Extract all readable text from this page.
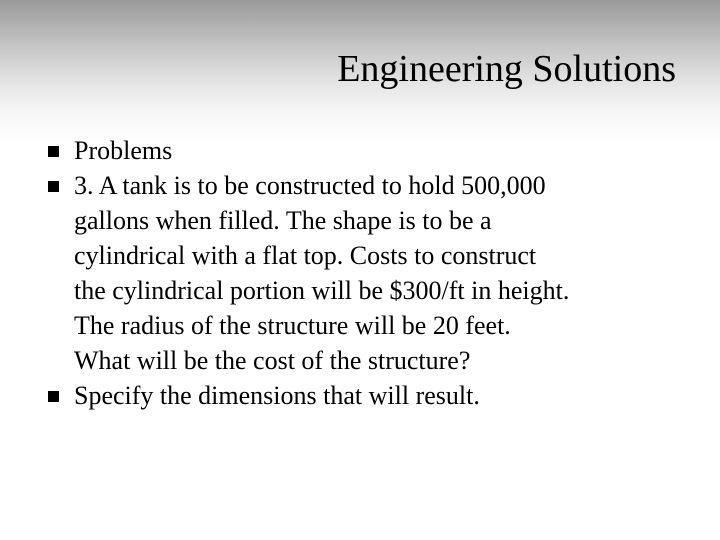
Engineering Solutions
Problems
3. A tank is to be constructed to hold 500,000
gallons when filled. The shape is to be a
cylindrical with a flat top. Costs to construct
the cylindrical portion will be $300/ft in height.
The radius of the structure will be 20 feet.
What will be the cost of the structure?
Specify the dimensions that will result.
